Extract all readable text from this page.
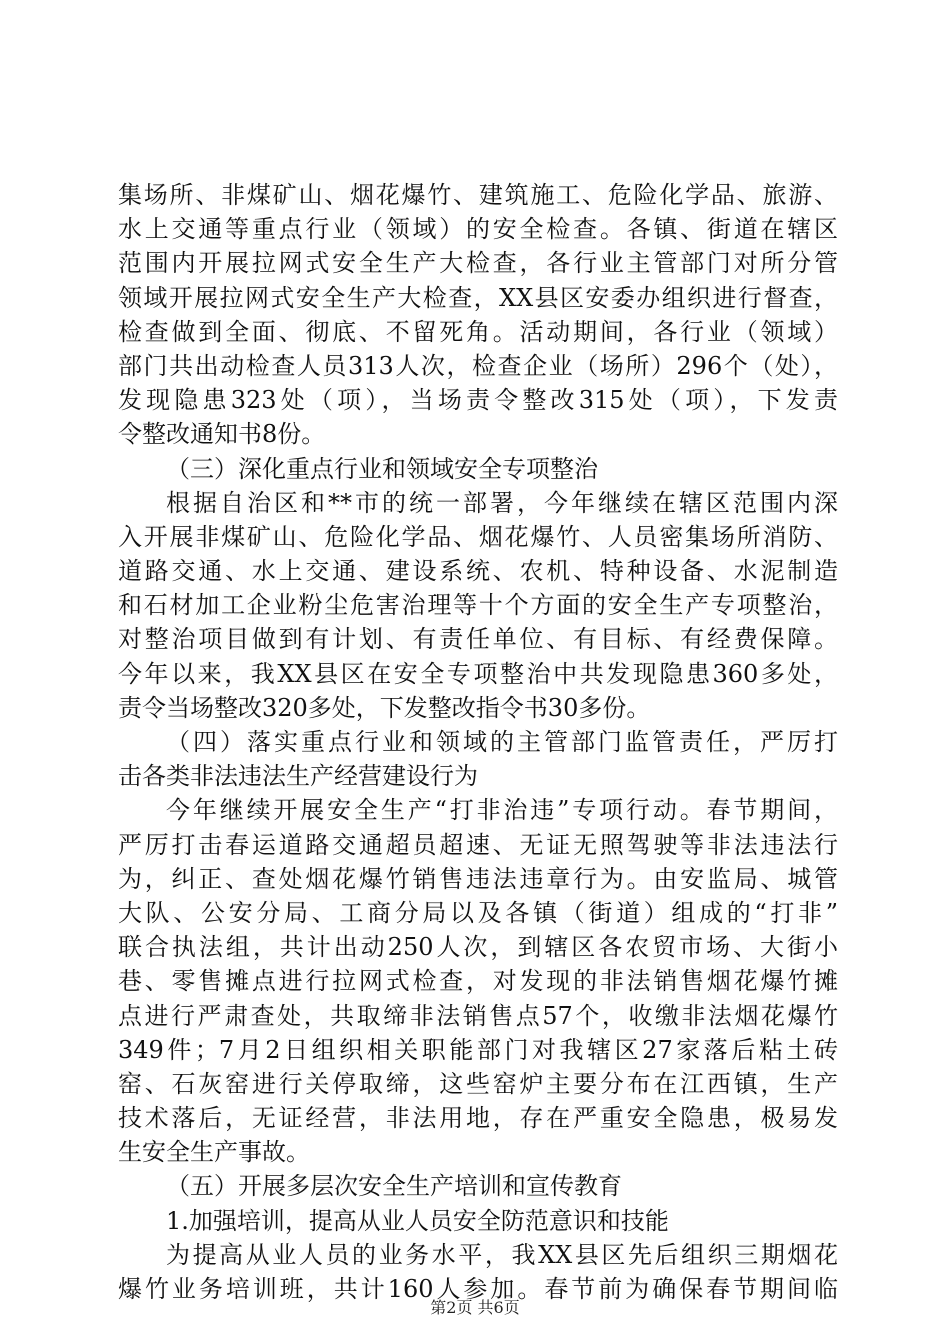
集场所、非煤矿山、烟花爆竹、建筑施工、危险化学品、旅游、
水上交通等重点行业（领域）的安全检查。各镇、街道在辖区
范围内开展拉网式安全生产大检查，各行业主管部门对所分管
领域开展拉网式安全生产大检查，XX县区安委办组织进行督查，
检查做到全面、彻底、不留死角。活动期间，各行业（领域）
部门共出动检查人员313人次，检查企业（场所）296个（处），
发现隐患323处（项），当场责令整改315处（项），下发责
令整改通知书8份。
（三）深化重点行业和领域安全专项整治
根据自治区和**市的统一部署，今年继续在辖区范围内深
入开展非煤矿山、危险化学品、烟花爆竹、人员密集场所消防、
道路交通、水上交通、建设系统、农机、特种设备、水泥制造
和石材加工企业粉尘危害治理等十个方面的安全生产专项整治，
对整治项目做到有计划、有责任单位、有目标、有经费保障。
今年以来，我XX县区在安全专项整治中共发现隐患360多处，
责令当场整改320多处，下发整改指令书30多份。
（四）落实重点行业和领域的主管部门监管责任，严厉打
击各类非法违法生产经营建设行为
今年继续开展安全生产“打非治违”专项行动。春节期间，
严厉打击春运道路交通超员超速、无证无照驾驶等非法违法行
为，纠正、查处烟花爆竹销售违法违章行为。由安监局、城管
大队、公安分局、工商分局以及各镇（街道）组成的“打非”
联合执法组，共计出动250人次，到辖区各农贸市场、大街小
巷、零售摊点进行拉网式检查，对发现的非法销售烟花爆竹摊
点进行严肃查处，共取缔非法销售点57个，收缴非法烟花爆竹
349件；7月2日组织相关职能部门对我辖区27家落后粘土砖
窑、石灰窑进行关停取缔，这些窑炉主要分布在江西镇，生产
技术落后，无证经营，非法用地，存在严重安全隐患，极易发
生安全生产事故。
（五）开展多层次安全生产培训和宣传教育
1.加强培训，提高从业人员安全防范意识和技能
为提高从业人员的业务水平，我XX县区先后组织三期烟花
爆竹业务培训班，共计160人参加。春节前为确保春节期间临
第2页 共6页
